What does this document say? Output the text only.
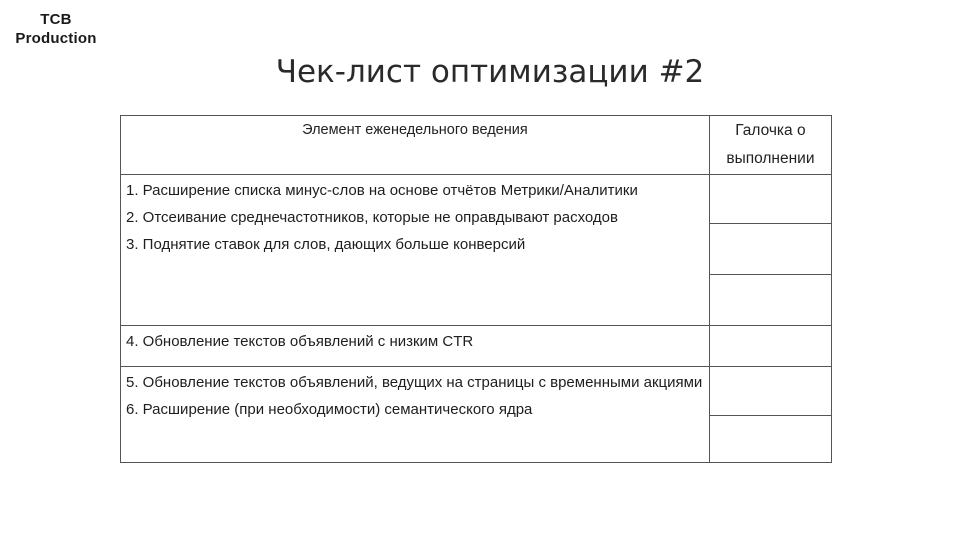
TCB
Production
Чек-лист оптимизации #2
Элемент еженедельного ведения	Галочка о выполнении

1. Расширение списка минус-слов на основе отчётов Метрики/Аналитики
2. Отсеивание среднечастотников, которые не оправдывают расходов
3. Поднятие ставок для слов, дающих больше конверсий	

4. Обновление текстов объявлений с низким CTR	

5. Обновление текстов объявлений, ведущих на страницы с временными акциями
6. Расширение (при необходимости) семантического ядра	
